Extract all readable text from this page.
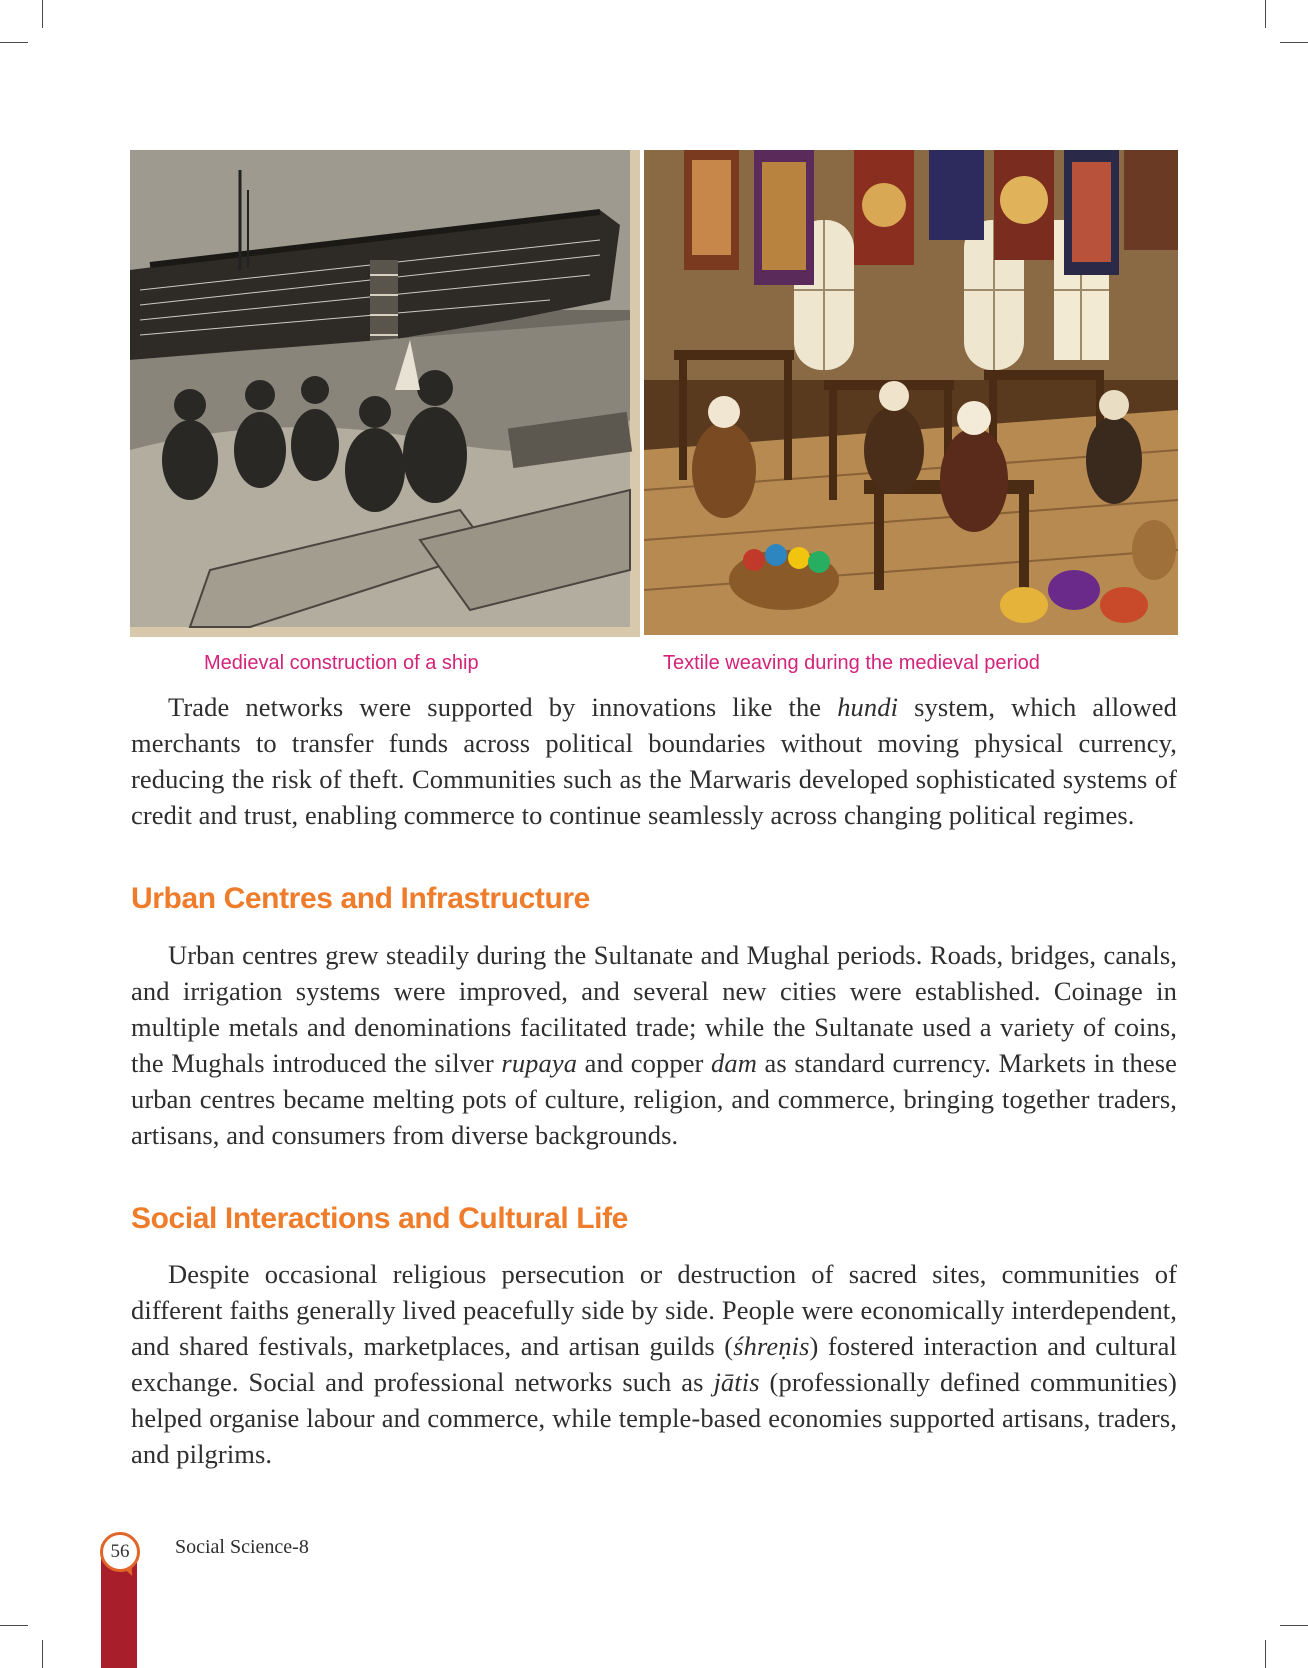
Medieval construction of a ship	Textile weaving during the medieval period

Trade networks were supported by innovations like the hundi system, which allowed merchants to transfer funds across political boundaries without moving physical currency, reducing the risk of theft. Communities such as the Marwaris developed sophisticated systems of credit and trust, enabling commerce to continue seamlessly across changing political regimes.

Urban Centres and Infrastructure

Urban centres grew steadily during the Sultanate and Mughal periods. Roads, bridges, canals, and irrigation systems were improved, and several new cities were established. Coinage in multiple metals and denominations facilitated trade; while the Sultanate used a variety of coins, the Mughals introduced the silver rupaya and copper dam as standard currency. Markets in these urban centres became melting pots of culture, religion, and commerce, bringing together traders, artisans, and consumers from diverse backgrounds.

Social Interactions and Cultural Life

Despite occasional religious persecution or destruction of sacred sites, communities of different faiths generally lived peacefully side by side. People were economically interdependent, and shared festivals, marketplaces, and artisan guilds (śhreṇis) fostered interaction and cultural exchange. Social and professional networks such as jātis (professionally defined communities) helped organise labour and commerce, while temple-based economies supported artisans, traders, and pilgrims.

56	Social Science-8
